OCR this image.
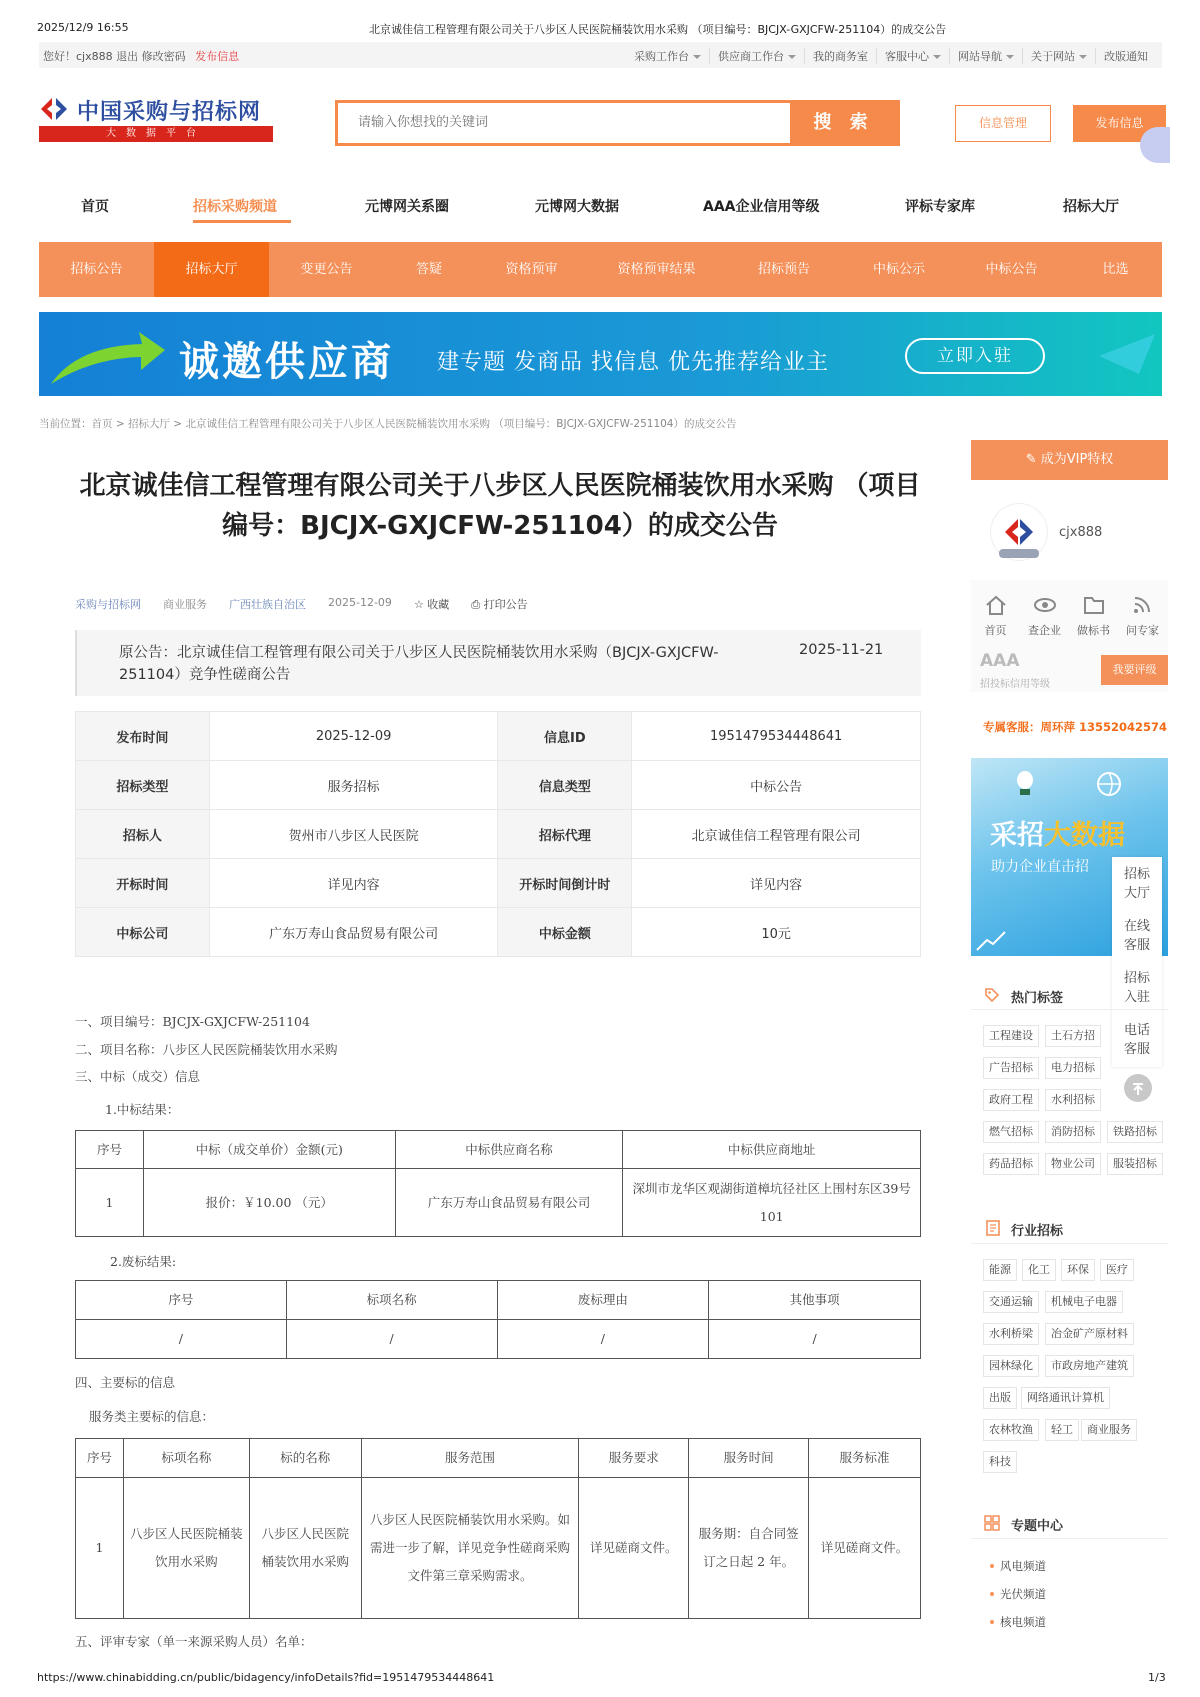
2025/12/9 16:55	北京诚佳信工程管理有限公司关于八步区人民医院桶装饮用水采购 （项目编号：BJCJX-GXJCFW-251104）的成交公告
您好！cjx888 退出 修改密码 发布信息	采购工作台	供应商工作台	我的商务室	客服中心	网站导航	关于网站	改版通知
中国采购与招标网
大数据平台
请输入你想找的关键词
搜 索	信息管理	发布信息
首页	招标采购频道	元博网关系圈	元博网大数据	AAA企业信用等级	评标专家库	招标大厅
招标公告	招标大厅	变更公告	答疑	资格预审	资格预审结果	招标预告	中标公示	中标公告	比选
诚邀供应商 建专题 发商品 找信息 优先推荐给业主	立即入驻
当前位置：首页 > 招标大厅 > 北京诚佳信工程管理有限公司关于八步区人民医院桶装饮用水采购 （项目编号：BJCJX-GXJCFW-251104）的成交公告
北京诚佳信工程管理有限公司关于八步区人民医院桶装饮用水采购 （项目编号：BJCJX-GXJCFW-251104）的成交公告
采购与招标网 商业服务 广西壮族自治区 2025-12-09 ☆ 收藏 ⎙ 打印公告
原公告：北京诚佳信工程管理有限公司关于八步区人民医院桶装饮用水采购（BJCJX-GXJCFW-251104）竞争性磋商公告
2025-11-21
发布时间	2025-12-09	信息ID	1951479534448641
招标类型	服务招标	信息类型	中标公告
招标人	贺州市八步区人民医院	招标代理	北京诚佳信工程管理有限公司
开标时间	详见内容	开标时间倒计时	详见内容
中标公司	广东万寿山食品贸易有限公司	中标金额	10元
一、项目编号：BJCJX-GXJCFW-251104
二、项目名称：八步区人民医院桶装饮用水采购
三、中标（成交）信息
1.中标结果：
序号	中标（成交单价）金额(元)	中标供应商名称	中标供应商地址
1	报价：￥10.00 （元）	广东万寿山食品贸易有限公司	深圳市龙华区观湖街道樟坑径社区上围村东区39号101
2.废标结果:
序号	标项名称	废标理由	其他事项
/	/	/	/
四、主要标的信息
服务类主要标的信息：
序号	标项名称	标的名称	服务范围	服务要求	服务时间	服务标准
1	八步区人民医院桶装饮用水采购	八步区人民医院桶装饮用水采购	八步区人民医院桶装饮用水采购。如需进一步了解，详见竞争性磋商采购文件第三章采购需求。	详见磋商文件。	服务期：自合同签订之日起 2 年。	详见磋商文件。
五、评审专家（单一来源采购人员）名单：
✎ 成为VIP特权
cjx888
首页	查企业	做标书	问专家
AAA
招投标信用等级
我要评级
专属客服：周环萍 13552042574
采招大数据
助力企业直击招	招标大厅
在线客服
招标入驻
电话客服
热门标签
工程建设	土石方招
广告招标	电力招标
政府工程	水利招标
燃气招标	消防招标	铁路招标
药品招标	物业公司	服装招标
行业招标
能源	化工	环保	医疗
交通运输	机械电子电器
水利桥梁	冶金矿产原材料
园林绿化	市政房地产建筑
出版	网络通讯计算机
农林牧渔	轻工	商业服务
科技
专题中心
风电频道
光伏频道
核电频道
https://www.chinabidding.cn/public/bidagency/infoDetails?fid=1951479534448641	1/3
